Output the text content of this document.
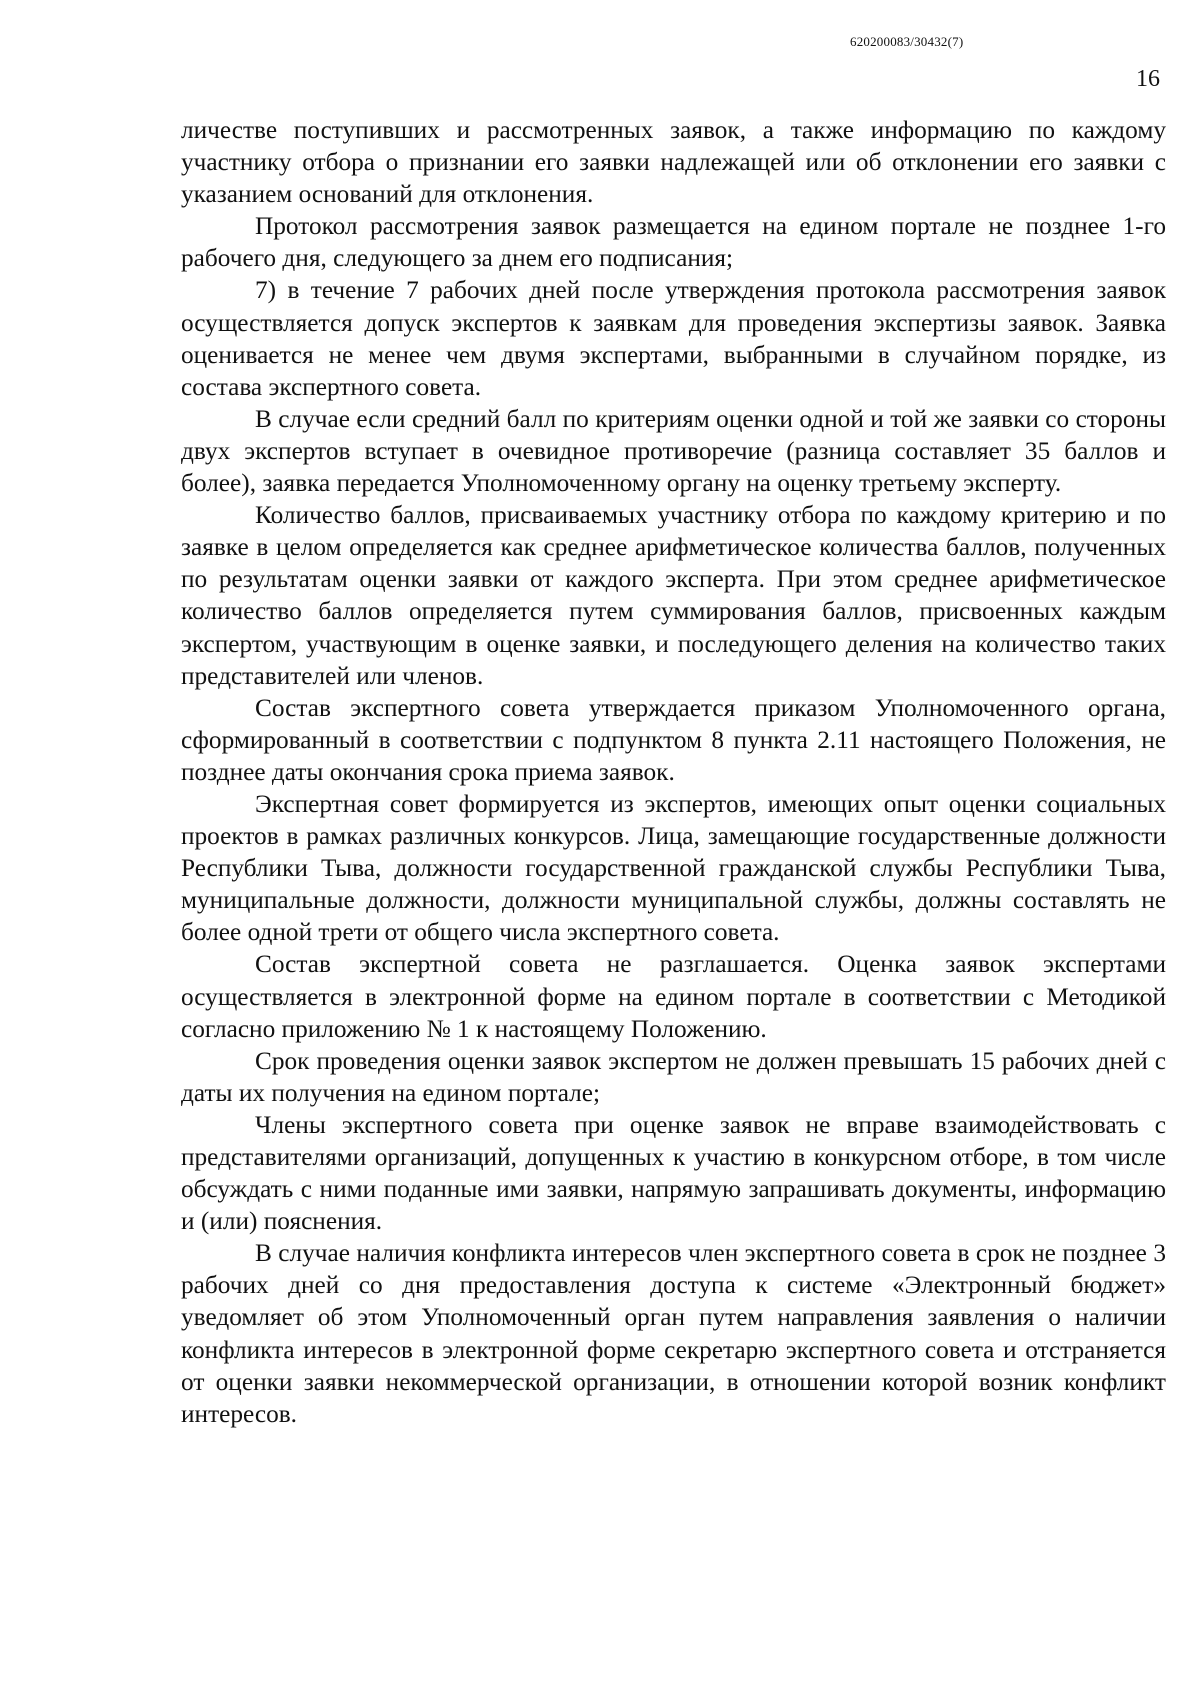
620200083/30432(7)
16

личестве поступивших и рассмотренных заявок, а также информацию по каждому участнику отбора о признании его заявки надлежащей или об отклонении его заявки с указанием оснований для отклонения.

Протокол рассмотрения заявок размещается на едином портале не позднее 1-го рабочего дня, следующего за днем его подписания;

7) в течение 7 рабочих дней после утверждения протокола рассмотрения заявок осуществляется допуск экспертов к заявкам для проведения экспертизы заявок. Заявка оценивается не менее чем двумя экспертами, выбранными в случайном порядке, из состава экспертного совета.

В случае если средний балл по критериям оценки одной и той же заявки со стороны двух экспертов вступает в очевидное противоречие (разница составляет 35 баллов и более), заявка передается Уполномоченному органу на оценку третьему эксперту.

Количество баллов, присваиваемых участнику отбора по каждому критерию и по заявке в целом определяется как среднее арифметическое количества баллов, полученных по результатам оценки заявки от каждого эксперта. При этом среднее арифметическое количество баллов определяется путем суммирования баллов, присвоенных каждым экспертом, участвующим в оценке заявки, и последующего деления на количество таких представителей или членов.

Состав экспертного совета утверждается приказом Уполномоченного органа, сформированный в соответствии с подпунктом 8 пункта 2.11 настоящего Положения, не позднее даты окончания срока приема заявок.

Экспертная совет формируется из экспертов, имеющих опыт оценки социальных проектов в рамках различных конкурсов. Лица, замещающие государственные должности Республики Тыва, должности государственной гражданской службы Республики Тыва, муниципальные должности, должности муниципальной службы, должны составлять не более одной трети от общего числа экспертного совета.

Состав экспертной совета не разглашается. Оценка заявок экспертами осуществляется в электронной форме на едином портале в соответствии с Методикой согласно приложению № 1 к настоящему Положению.

Срок проведения оценки заявок экспертом не должен превышать 15 рабочих дней с даты их получения на едином портале;

Члены экспертного совета при оценке заявок не вправе взаимодействовать с представителями организаций, допущенных к участию в конкурсном отборе, в том числе обсуждать с ними поданные ими заявки, напрямую запрашивать документы, информацию и (или) пояснения.

В случае наличия конфликта интересов член экспертного совета в срок не позднее 3 рабочих дней со дня предоставления доступа к системе «Электронный бюджет» уведомляет об этом Уполномоченный орган путем направления заявления о наличии конфликта интересов в электронной форме секретарю экспертного совета и отстраняется от оценки заявки некоммерческой организации, в отношении которой возник конфликт интересов.
